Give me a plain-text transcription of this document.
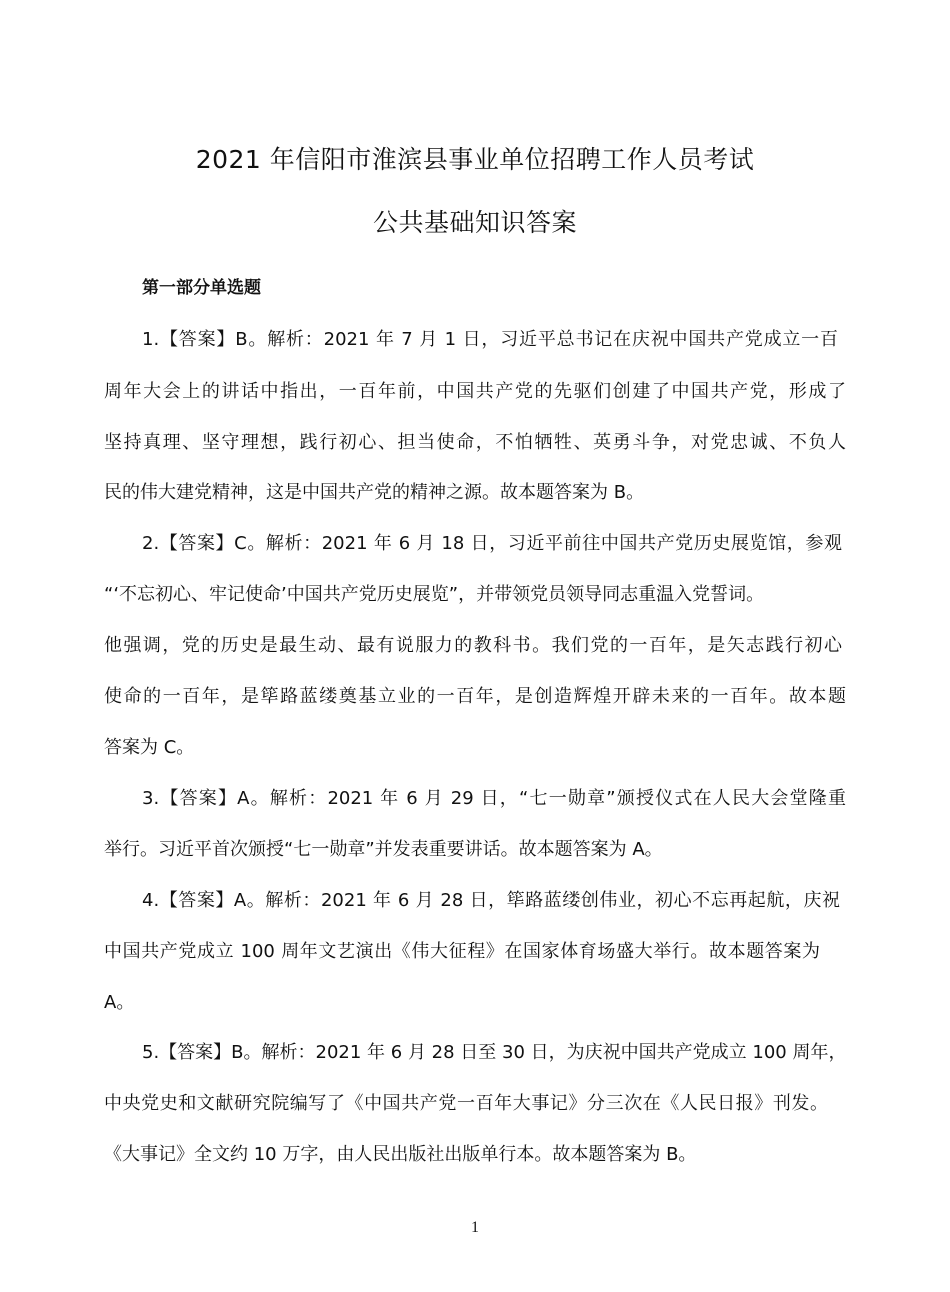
2021 年信阳市淮滨县事业单位招聘工作人员考试
公共基础知识答案
第一部分单选题
1.【答案】B。解析：2021 年 7 月 1 日，习近平总书记在庆祝中国共产党成立一百
周年大会上的讲话中指出，一百年前，中国共产党的先驱们创建了中国共产党，形成了
坚持真理、坚守理想，践行初心、担当使命，不怕牺牲、英勇斗争，对党忠诚、不负人
民的伟大建党精神，这是中国共产党的精神之源。故本题答案为 B。
2.【答案】C。解析：2021 年 6 月 18 日，习近平前往中国共产党历史展览馆，参观
“‘不忘初心、牢记使命’中国共产党历史展览”，并带领党员领导同志重温入党誓词。
他强调，党的历史是最生动、最有说服力的教科书。我们党的一百年，是矢志践行初心
使命的一百年，是筚路蓝缕奠基立业的一百年，是创造辉煌开辟未来的一百年。故本题
答案为 C。
3.【答案】A。解析：2021 年 6 月 29 日，“七一勋章”颁授仪式在人民大会堂隆重
举行。习近平首次颁授“七一勋章”并发表重要讲话。故本题答案为 A。
4.【答案】A。解析：2021 年 6 月 28 日，筚路蓝缕创伟业，初心不忘再起航，庆祝
中国共产党成立 100 周年文艺演出《伟大征程》在国家体育场盛大举行。故本题答案为
A。
5.【答案】B。解析：2021 年 6 月 28 日至 30 日，为庆祝中国共产党成立 100 周年，
中央党史和文献研究院编写了《中国共产党一百年大事记》分三次在《人民日报》刊发。
《大事记》全文约 10 万字，由人民出版社出版单行本。故本题答案为 B。
1
